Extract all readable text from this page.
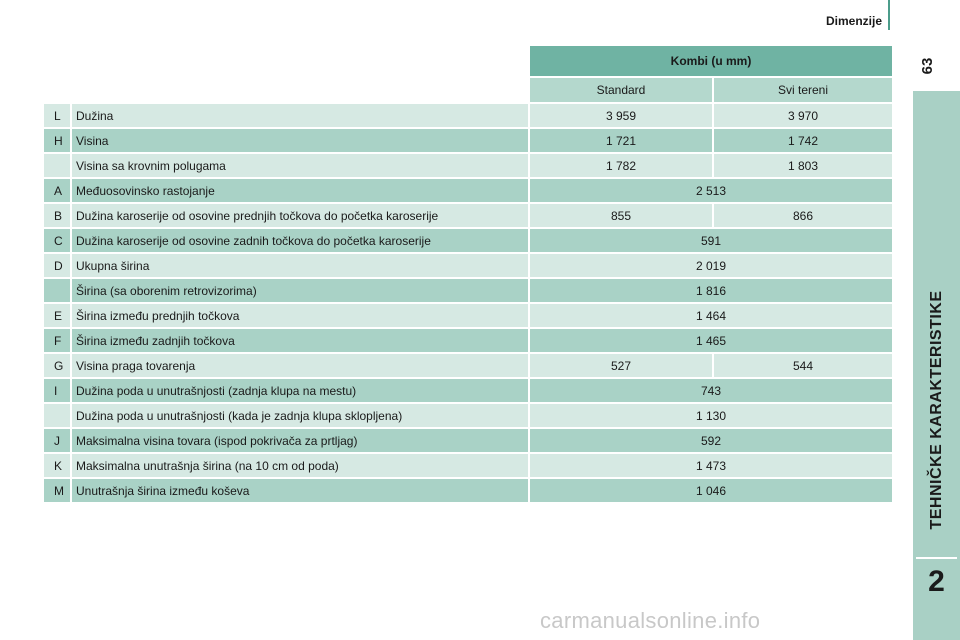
Dimenzije
63
TEHNIČKE KARAKTERISTIKE
2
Kombi (u mm)
Standard	Svi tereni
L	Dužina	3 959	3 970
H	Visina	1 721	1 742
Visina sa krovnim polugama	1 782	1 803
A	Međuosovinsko rastojanje	2 513
B	Dužina karoserije od osovine prednjih točkova do početka karoserije	855	866
C	Dužina karoserije od osovine zadnih točkova do početka karoserije	591
D	Ukupna širina	2 019
Širina (sa oborenim retrovizorima)	1 816
E	Širina između prednjih točkova	1 464
F	Širina između zadnjih točkova	1 465
G	Visina praga tovarenja	527	544
I	Dužina poda u unutrašnjosti (zadnja klupa na mestu)	743
Dužina poda u unutrašnjosti (kada je zadnja klupa sklopljena)	1 130
J	Maksimalna visina tovara (ispod pokrivača za prtljag)	592
K	Maksimalna unutrašnja širina (na 10 cm od poda)	1 473
M	Unutrašnja širina između koševa	1 046
carmanualsonline.info
